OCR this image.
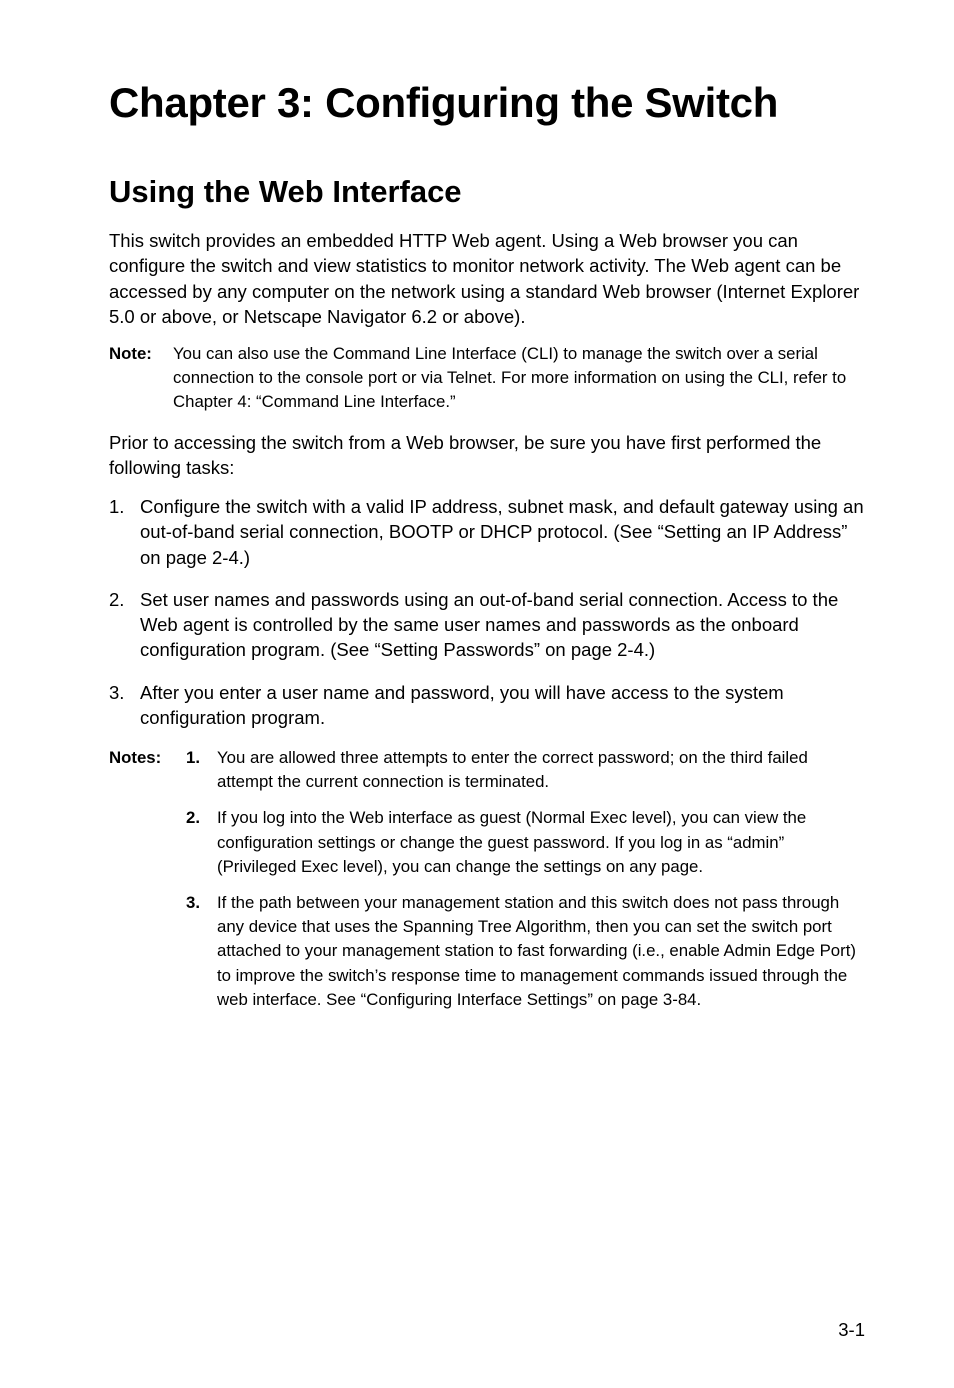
Chapter 3: Configuring the Switch
Using the Web Interface

This switch provides an embedded HTTP Web agent. Using a Web browser you can configure the switch and view statistics to monitor network activity. The Web agent can be accessed by any computer on the network using a standard Web browser (Internet Explorer 5.0 or above, or Netscape Navigator 6.2 or above).

Note:	You can also use the Command Line Interface (CLI) to manage the switch over a serial connection to the console port or via Telnet. For more information on using the CLI, refer to Chapter 4: “Command Line Interface.”

Prior to accessing the switch from a Web browser, be sure you have first performed the following tasks:

1. Configure the switch with a valid IP address, subnet mask, and default gateway using an out-of-band serial connection, BOOTP or DHCP protocol. (See “Setting an IP Address” on page 2-4.)

2. Set user names and passwords using an out-of-band serial connection. Access to the Web agent is controlled by the same user names and passwords as the onboard configuration program. (See “Setting Passwords” on page 2-4.)

3. After you enter a user name and password, you will have access to the system configuration program.

Notes: 1.	You are allowed three attempts to enter the correct password; on the third failed attempt the current connection is terminated.

2.	If you log into the Web interface as guest (Normal Exec level), you can view the configuration settings or change the guest password. If you log in as “admin” (Privileged Exec level), you can change the settings on any page.

3.	If the path between your management station and this switch does not pass through any device that uses the Spanning Tree Algorithm, then you can set the switch port attached to your management station to fast forwarding (i.e., enable Admin Edge Port) to improve the switch’s response time to management commands issued through the web interface. See “Configuring Interface Settings” on page 3-84.

3-1
